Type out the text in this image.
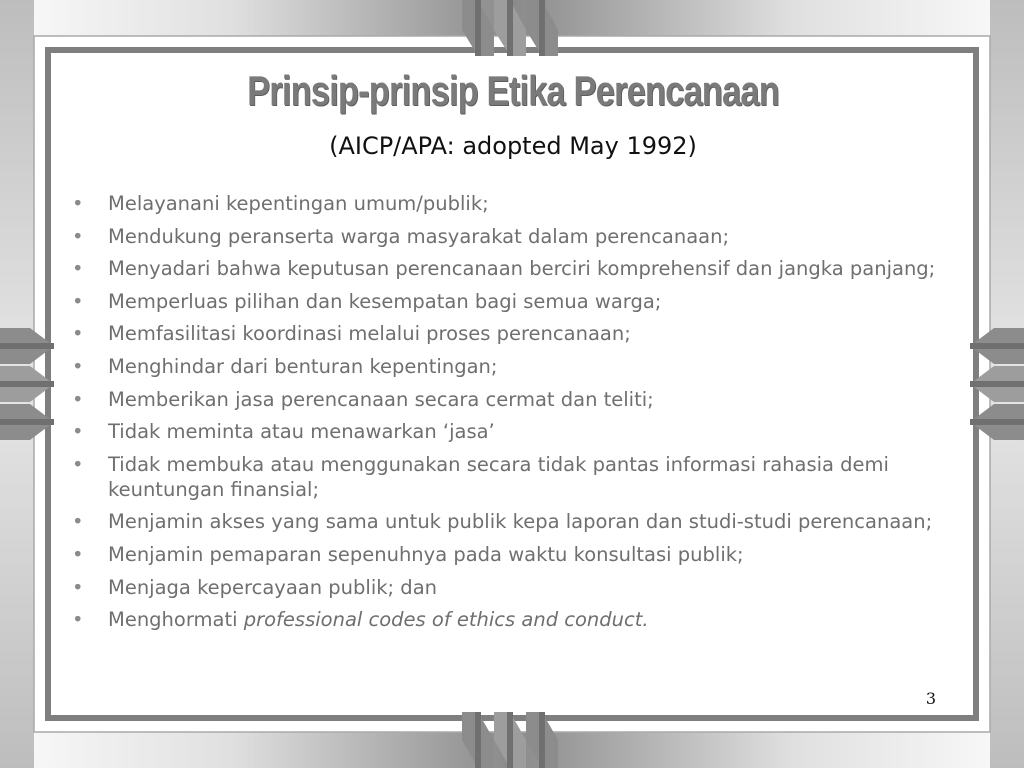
Prinsip-prinsip Etika Perencanaan

(AICP/APA: adopted May 1992)

•	Melayanani kepentingan umum/publik;
•	Mendukung peranserta warga masyarakat dalam perencanaan;
•	Menyadari bahwa keputusan perencanaan berciri komprehensif dan jangka panjang;
•	Memperluas pilihan dan kesempatan bagi semua warga;
•	Memfasilitasi koordinasi melalui proses perencanaan;
•	Menghindar dari benturan kepentingan;
•	Memberikan jasa perencanaan secara cermat dan teliti;
•	Tidak meminta atau menawarkan ‘jasa’
•	Tidak membuka atau menggunakan secara tidak pantas informasi rahasia demi keuntungan finansial;
•	Menjamin akses yang sama untuk publik kepa laporan dan studi-studi perencanaan;
•	Menjamin pemaparan sepenuhnya pada waktu konsultasi publik;
•	Menjaga kepercayaan publik; dan
•	Menghormati professional codes of ethics and conduct.
3
